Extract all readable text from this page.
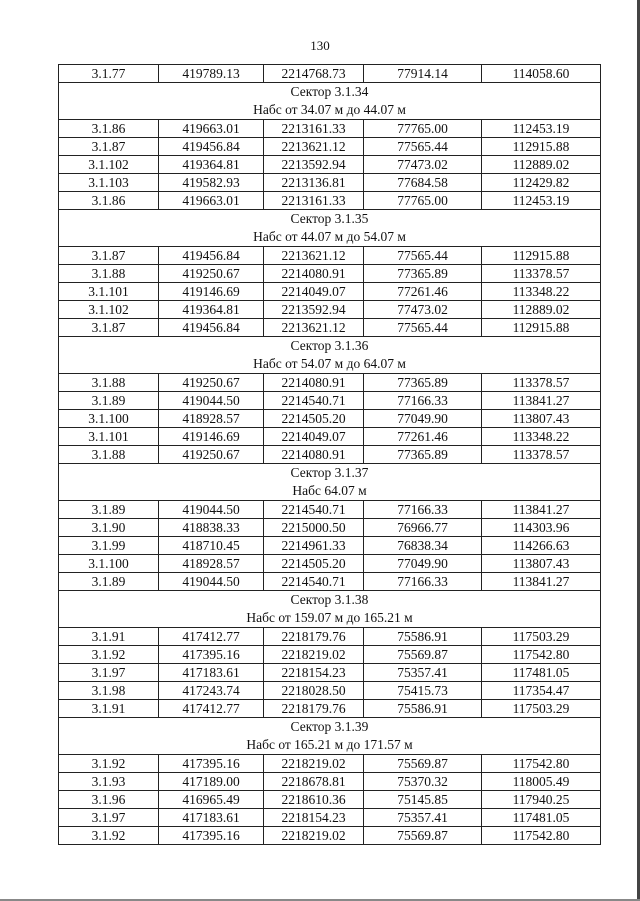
130
3.1.77	419789.13	2214768.73	77914.14	114058.60

Сектор 3.1.34
Набс от 34.07 м до 44.07 м				

3.1.86	419663.01	2213161.33	77765.00	112453.19
3.1.87	419456.84	2213621.12	77565.44	112915.88
3.1.102	419364.81	2213592.94	77473.02	112889.02
3.1.103	419582.93	2213136.81	77684.58	112429.82
3.1.86	419663.01	2213161.33	77765.00	112453.19

Сектор 3.1.35
Набс от 44.07 м до 54.07 м				

3.1.87	419456.84	2213621.12	77565.44	112915.88
3.1.88	419250.67	2214080.91	77365.89	113378.57
3.1.101	419146.69	2214049.07	77261.46	113348.22
3.1.102	419364.81	2213592.94	77473.02	112889.02
3.1.87	419456.84	2213621.12	77565.44	112915.88

Сектор 3.1.36
Набс от 54.07 м до 64.07 м				

3.1.88	419250.67	2214080.91	77365.89	113378.57
3.1.89	419044.50	2214540.71	77166.33	113841.27
3.1.100	418928.57	2214505.20	77049.90	113807.43
3.1.101	419146.69	2214049.07	77261.46	113348.22
3.1.88	419250.67	2214080.91	77365.89	113378.57

Сектор 3.1.37
Набс 64.07 м				

3.1.89	419044.50	2214540.71	77166.33	113841.27
3.1.90	418838.33	2215000.50	76966.77	114303.96
3.1.99	418710.45	2214961.33	76838.34	114266.63
3.1.100	418928.57	2214505.20	77049.90	113807.43
3.1.89	419044.50	2214540.71	77166.33	113841.27

Сектор 3.1.38
Набс от 159.07 м до 165.21 м				

3.1.91	417412.77	2218179.76	75586.91	117503.29
3.1.92	417395.16	2218219.02	75569.87	117542.80
3.1.97	417183.61	2218154.23	75357.41	117481.05
3.1.98	417243.74	2218028.50	75415.73	117354.47
3.1.91	417412.77	2218179.76	75586.91	117503.29

Сектор 3.1.39
Набс от 165.21 м до 171.57 м				

3.1.92	417395.16	2218219.02	75569.87	117542.80
3.1.93	417189.00	2218678.81	75370.32	118005.49
3.1.96	416965.49	2218610.36	75145.85	117940.25
3.1.97	417183.61	2218154.23	75357.41	117481.05
3.1.92	417395.16	2218219.02	75569.87	117542.80
